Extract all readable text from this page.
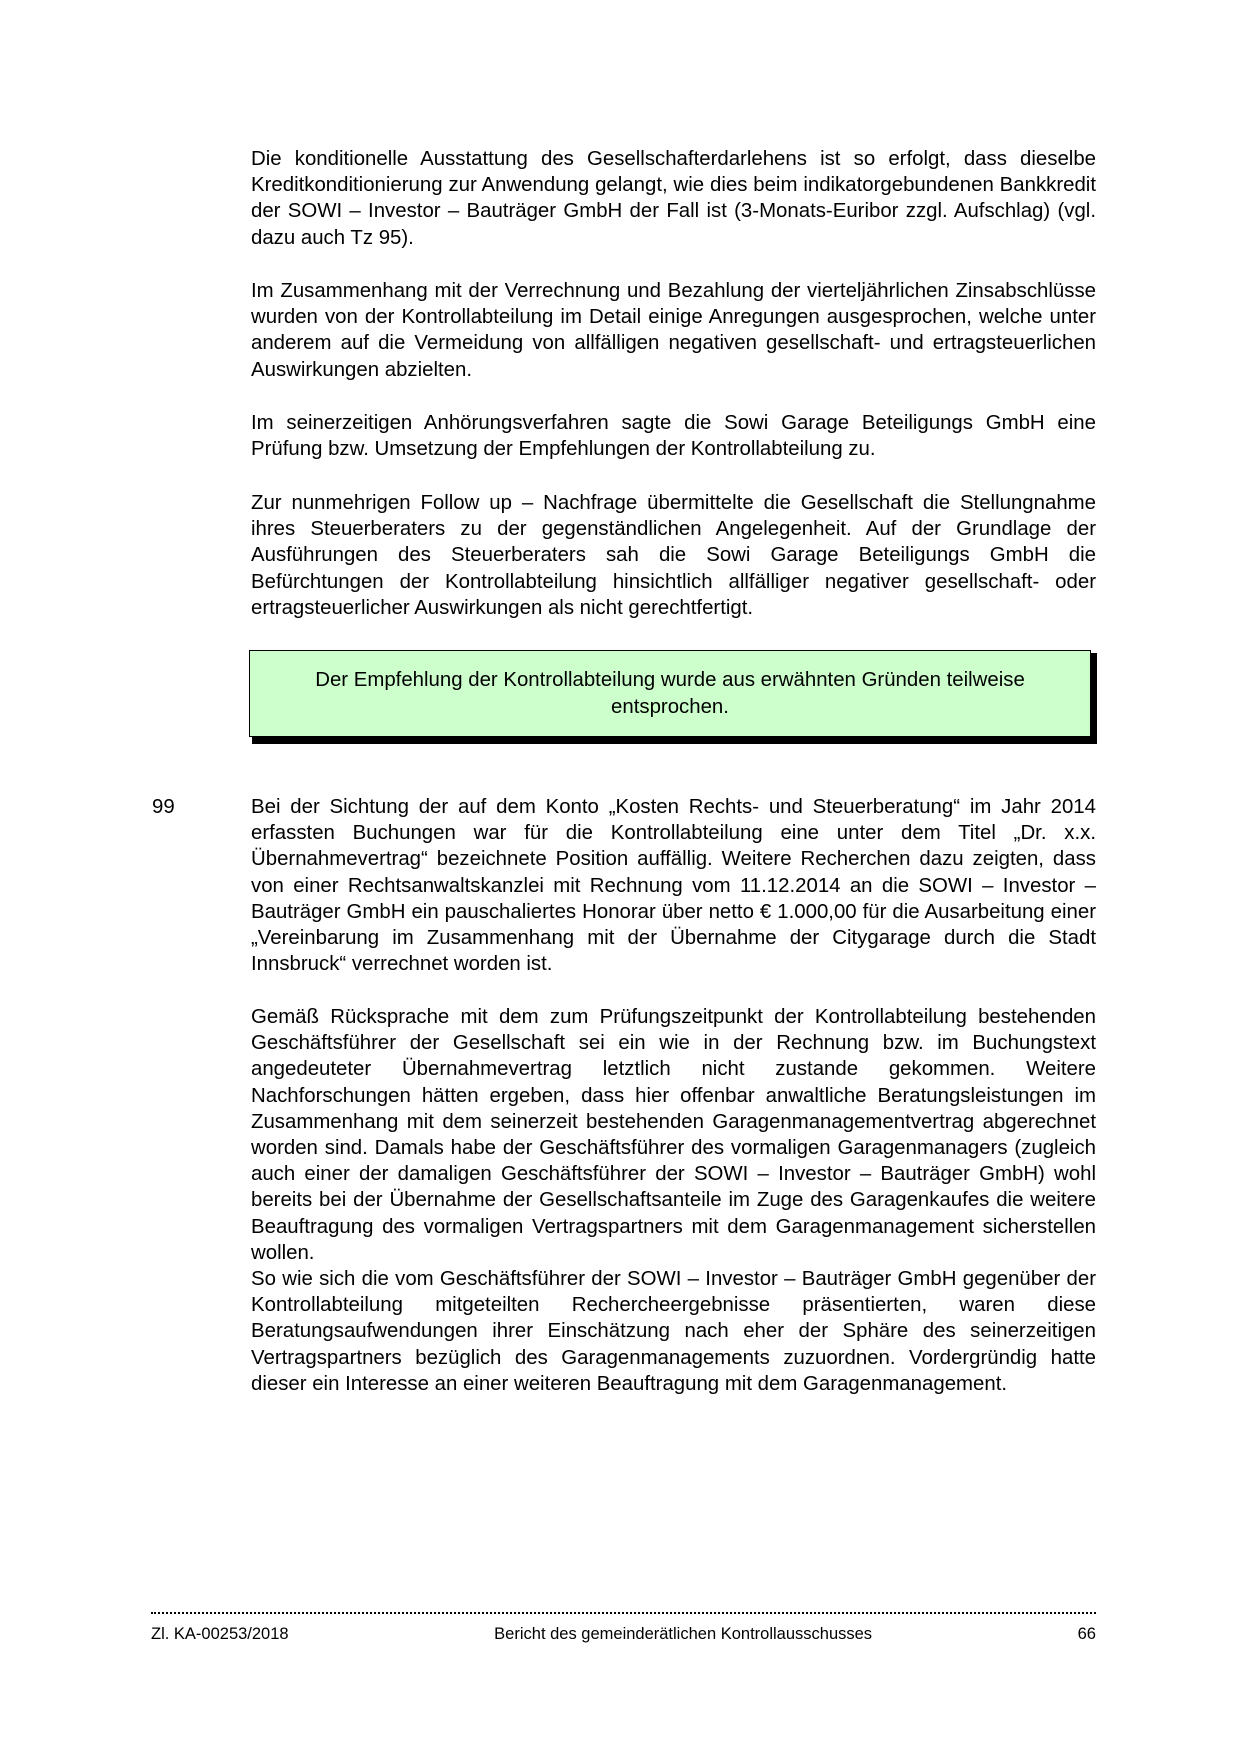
Die konditionelle Ausstattung des Gesellschafterdarlehens ist so erfolgt, dass dieselbe Kreditkonditionierung zur Anwendung gelangt, wie dies beim indikatorgebundenen Bankkredit der SOWI – Investor – Bauträger GmbH der Fall ist (3-Monats-Euribor zzgl. Aufschlag) (vgl. dazu auch Tz 95).

Im Zusammenhang mit der Verrechnung und Bezahlung der vierteljährlichen Zinsabschlüsse wurden von der Kontrollabteilung im Detail einige Anregungen ausgesprochen, welche unter anderem auf die Vermeidung von allfälligen negativen gesellschaft- und ertragsteuerlichen Auswirkungen abzielten.

Im seinerzeitigen Anhörungsverfahren sagte die Sowi Garage Beteiligungs GmbH eine Prüfung bzw. Umsetzung der Empfehlungen der Kontrollabteilung zu.

Zur nunmehrigen Follow up – Nachfrage übermittelte die Gesellschaft die Stellungnahme ihres Steuerberaters zu der gegenständlichen Angelegenheit. Auf der Grundlage der Ausführungen des Steuerberaters sah die Sowi Garage Beteiligungs GmbH die Befürchtungen der Kontrollabteilung hinsichtlich allfälliger negativer gesellschaft- oder ertragsteuerlicher Auswirkungen als nicht gerechtfertigt.

Der Empfehlung der Kontrollabteilung wurde aus erwähnten Gründen teilweise entsprochen.
99	Bei der Sichtung der auf dem Konto „Kosten Rechts- und Steuerberatung“ im Jahr 2014 erfassten Buchungen war für die Kontrollabteilung eine unter dem Titel „Dr. x.x. Übernahmevertrag“ bezeichnete Position auffällig. Weitere Recherchen dazu zeigten, dass von einer Rechtsanwaltskanzlei mit Rechnung vom 11.12.2014 an die SOWI – Investor – Bauträger GmbH ein pauschaliertes Honorar über netto € 1.000,00 für die Ausarbeitung einer „Vereinbarung im Zusammenhang mit der Übernahme der Citygarage durch die Stadt Innsbruck“ verrechnet worden ist.

Gemäß Rücksprache mit dem zum Prüfungszeitpunkt der Kontrollabteilung bestehenden Geschäftsführer der Gesellschaft sei ein wie in der Rechnung bzw. im Buchungstext angedeuteter Übernahmevertrag letztlich nicht zustande gekommen. Weitere Nachforschungen hätten ergeben, dass hier offenbar anwaltliche Beratungsleistungen im Zusammenhang mit dem seinerzeit bestehenden Garagenmanagementvertrag abgerechnet worden sind. Damals habe der Geschäftsführer des vormaligen Garagenmanagers (zugleich auch einer der damaligen Geschäftsführer der SOWI – Investor – Bauträger GmbH) wohl bereits bei der Übernahme der Gesellschaftsanteile im Zuge des Garagenkaufes die weitere Beauftragung des vormaligen Vertragspartners mit dem Garagenmanagement sicherstellen wollen.

So wie sich die vom Geschäftsführer der SOWI – Investor – Bauträger GmbH gegenüber der Kontrollabteilung mitgeteilten Rechercheergebnisse präsentierten, waren diese Beratungsaufwendungen ihrer Einschätzung nach eher der Sphäre des seinerzeitigen Vertragspartners bezüglich des Garagenmanagements zuzuordnen. Vordergründig hatte dieser ein Interesse an einer weiteren Beauftragung mit dem Garagenmanagement.

Zl. KA-00253/2018	Bericht des gemeinderätlichen Kontrollausschusses	66
